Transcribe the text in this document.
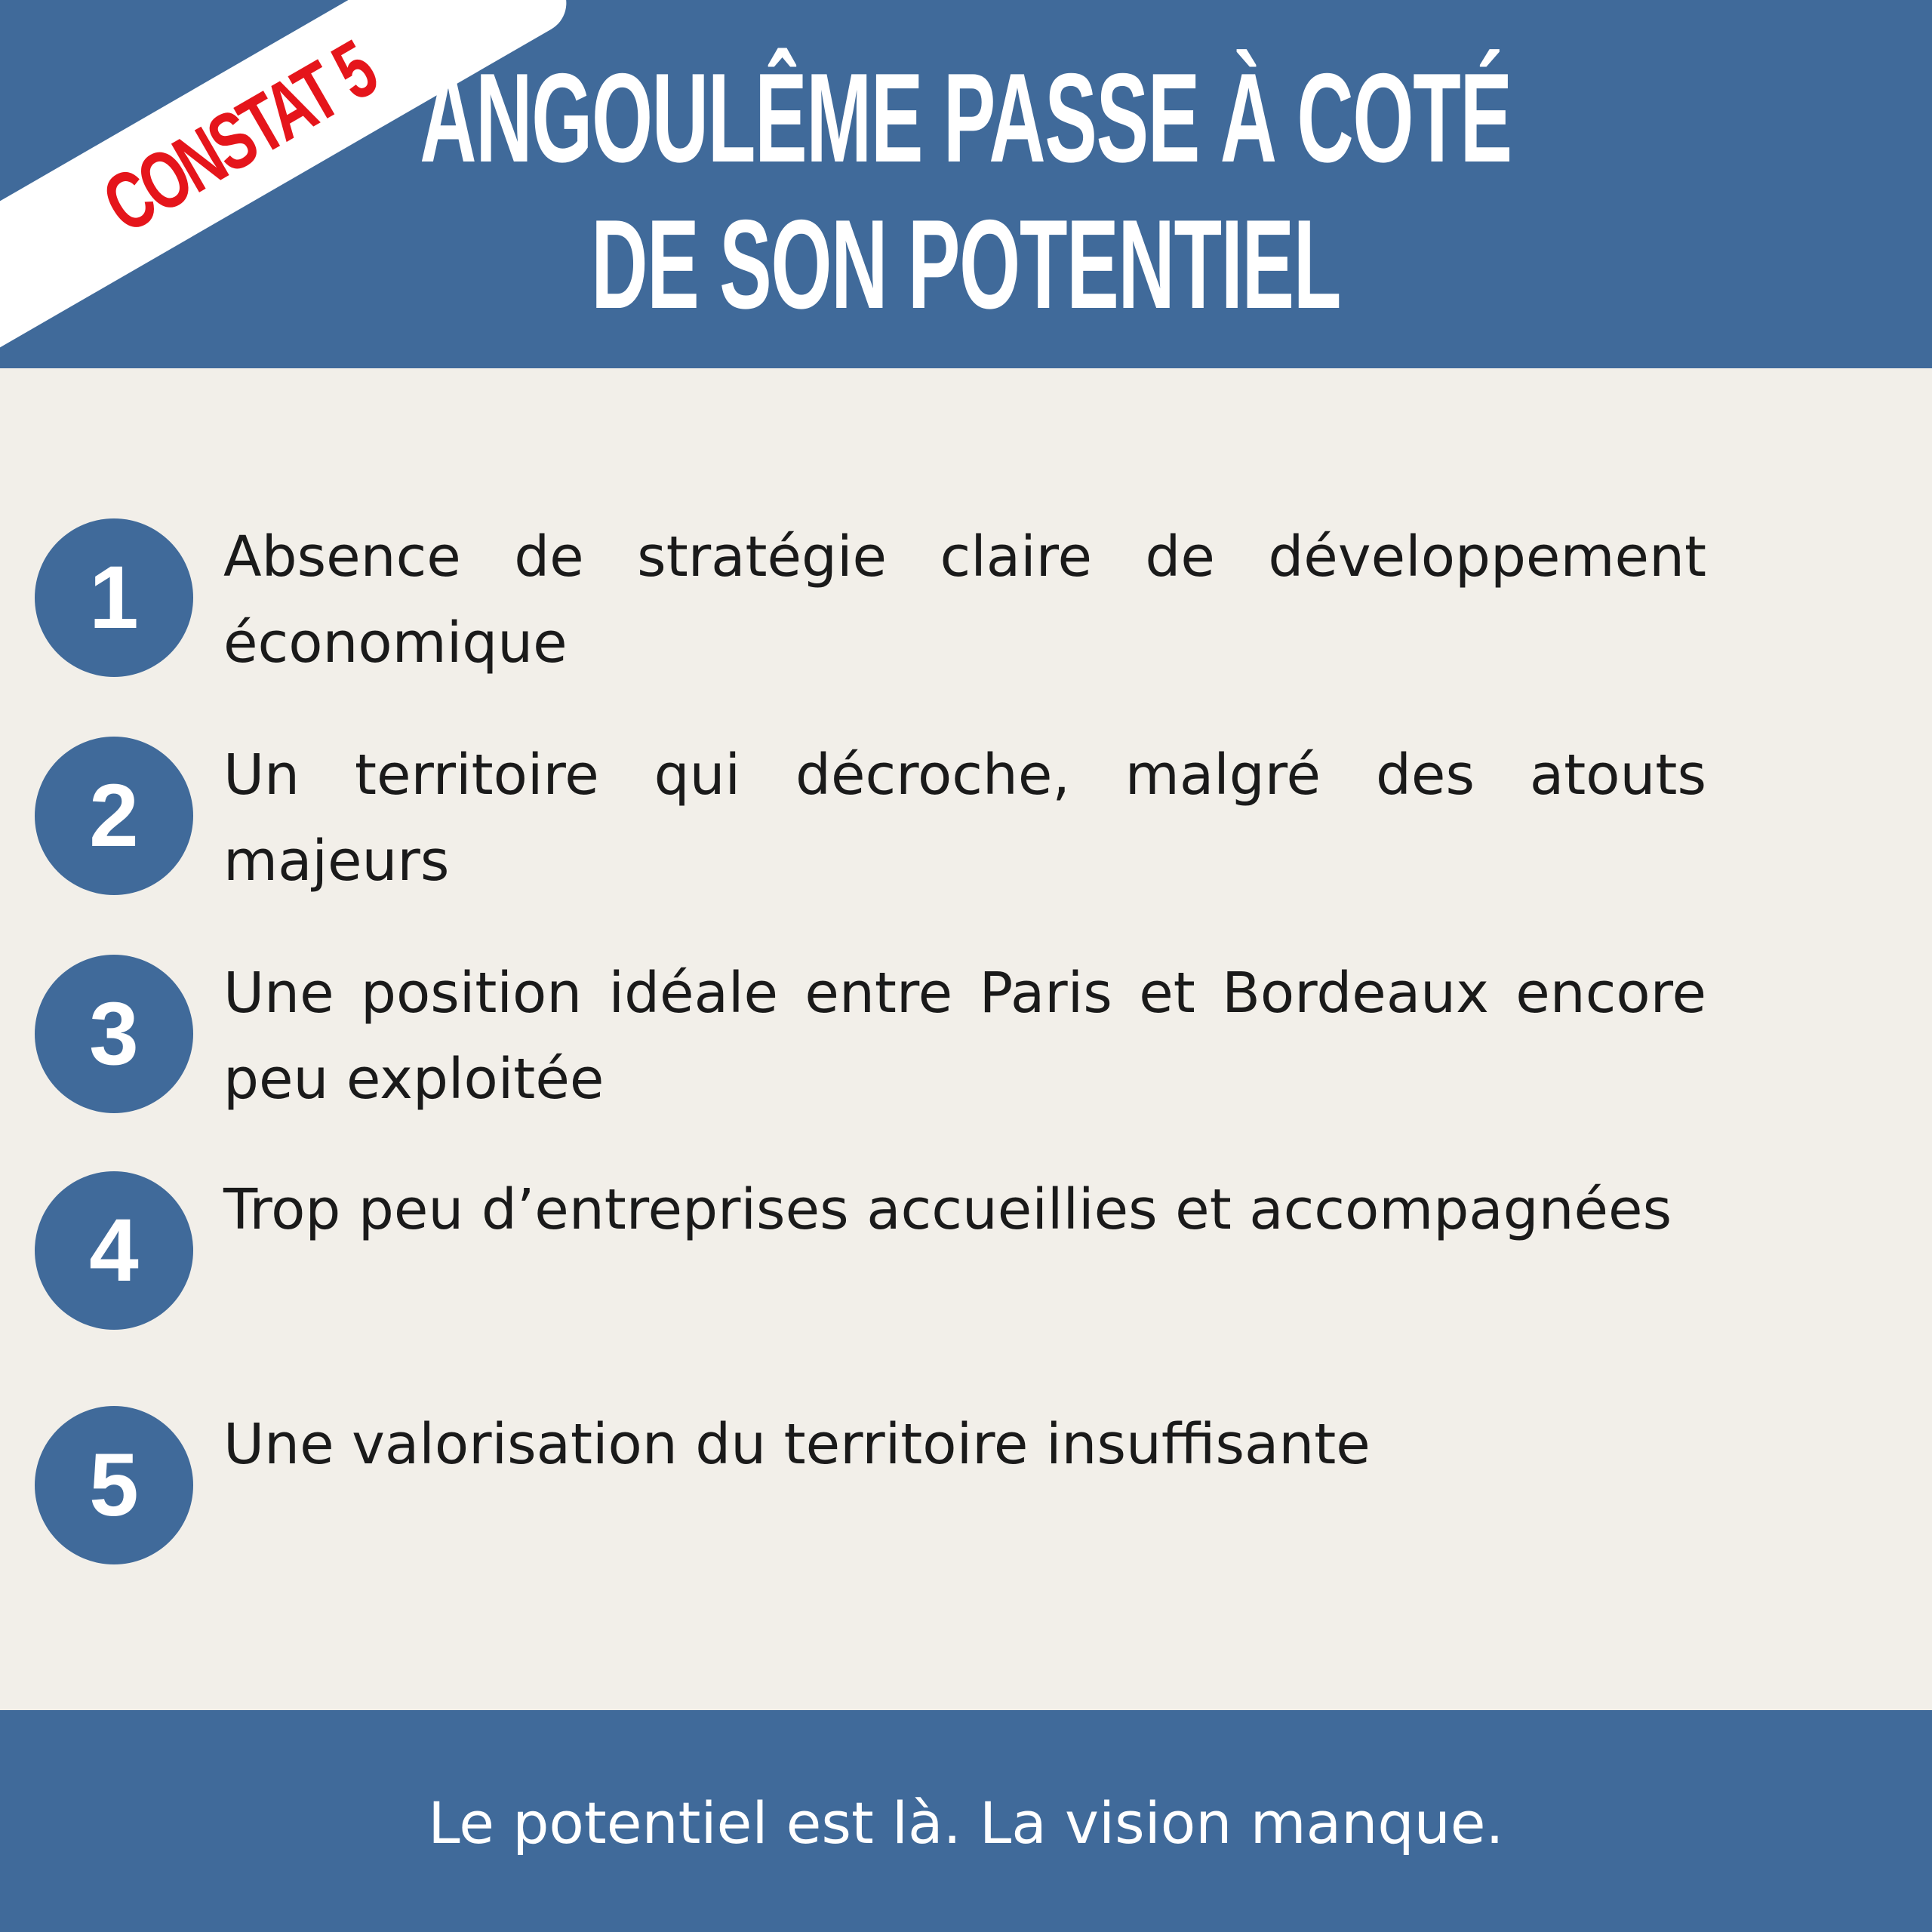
CONSTAT 5 ANGOULÊME PASSE À COTÉ
DE SON POTENTIEL
1 Absence de stratégie claire de développement économique
2 Un territoire qui décroche, malgré des atouts majeurs
3 Une position idéale entre Paris et Bordeaux encore peu exploitée
4 Trop peu d’entreprises accueillies et accompagnées
5 Une valorisation du territoire insuffisante
Le potentiel est là. La vision manque.
